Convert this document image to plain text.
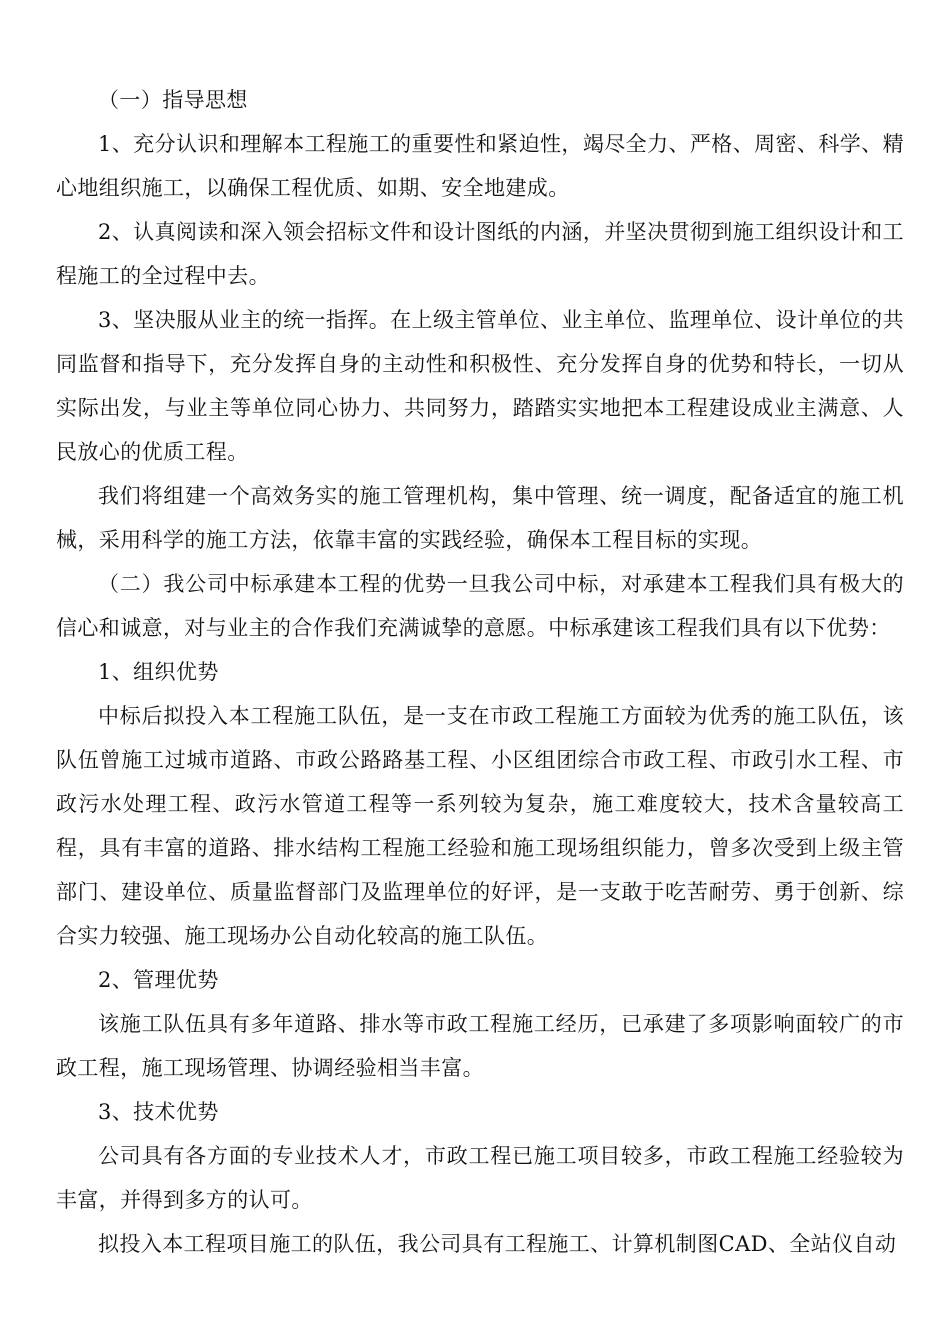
（一）指导思想

1、充分认识和理解本工程施工的重要性和紧迫性，竭尽全力、严格、周密、科学、精心地组织施工，以确保工程优质、如期、安全地建成。

2、认真阅读和深入领会招标文件和设计图纸的内涵，并坚决贯彻到施工组织设计和工程施工的全过程中去。

3、坚决服从业主的统一指挥。在上级主管单位、业主单位、监理单位、设计单位的共同监督和指导下，充分发挥自身的主动性和积极性、充分发挥自身的优势和特长，一切从实际出发，与业主等单位同心协力、共同努力，踏踏实实地把本工程建设成业主满意、人民放心的优质工程。

我们将组建一个高效务实的施工管理机构，集中管理、统一调度，配备适宜的施工机械，采用科学的施工方法，依靠丰富的实践经验，确保本工程目标的实现。

（二）我公司中标承建本工程的优势一旦我公司中标，对承建本工程我们具有极大的信心和诚意，对与业主的合作我们充满诚挚的意愿。中标承建该工程我们具有以下优势：

1、组织优势

中标后拟投入本工程施工队伍，是一支在市政工程施工方面较为优秀的施工队伍，该队伍曾施工过城市道路、市政公路路基工程、小区组团综合市政工程、市政引水工程、市政污水处理工程、政污水管道工程等一系列较为复杂，施工难度较大，技术含量较高工程，具有丰富的道路、排水结构工程施工经验和施工现场组织能力，曾多次受到上级主管部门、建设单位、质量监督部门及监理单位的好评，是一支敢于吃苦耐劳、勇于创新、综合实力较强、施工现场办公自动化较高的施工队伍。

2、管理优势

该施工队伍具有多年道路、排水等市政工程施工经历，已承建了多项影响面较广的市政工程，施工现场管理、协调经验相当丰富。

3、技术优势

公司具有各方面的专业技术人才，市政工程已施工项目较多，市政工程施工经验较为丰富，并得到多方的认可。

拟投入本工程项目施工的队伍，我公司具有工程施工、计算机制图CAD、全站仪自动
